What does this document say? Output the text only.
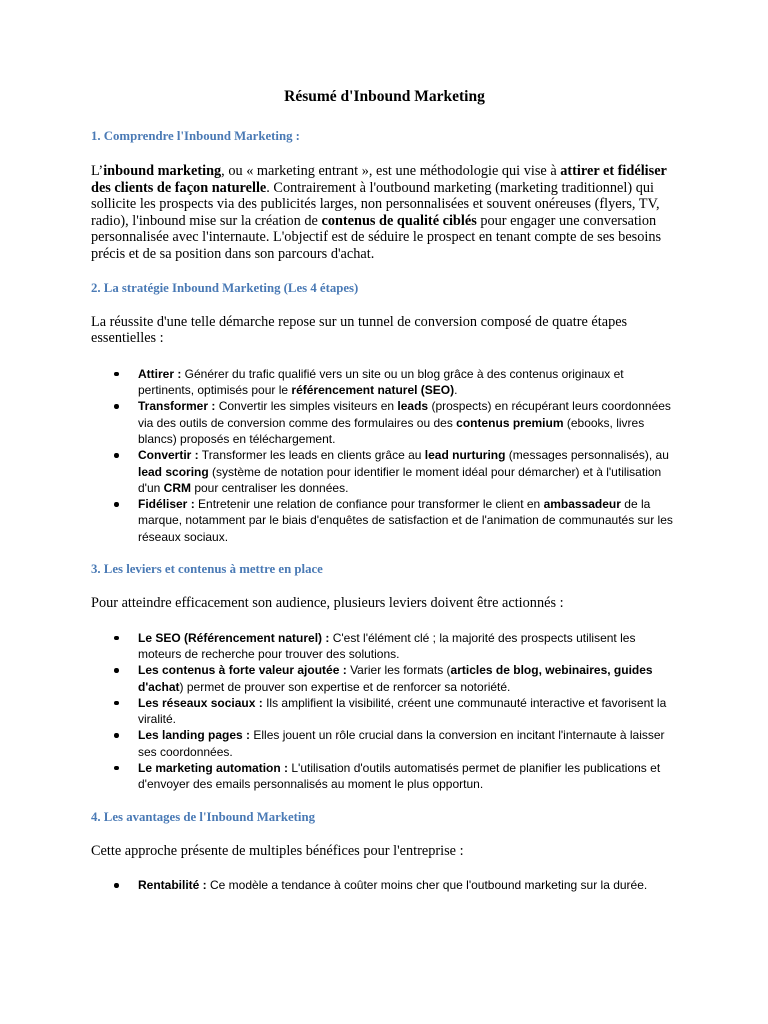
Résumé d'Inbound Marketing
1. Comprendre l'Inbound Marketing :

L’inbound marketing, ou « marketing entrant », est une méthodologie qui vise à attirer et fidéliser des clients de façon naturelle. Contrairement à l'outbound marketing (marketing traditionnel) qui sollicite les prospects via des publicités larges, non personnalisées et souvent onéreuses (flyers, TV, radio), l'inbound mise sur la création de contenus de qualité ciblés pour engager une conversation personnalisée avec l'internaute. L'objectif est de séduire le prospect en tenant compte de ses besoins précis et de sa position dans son parcours d'achat.

2. La stratégie Inbound Marketing (Les 4 étapes)

La réussite d'une telle démarche repose sur un tunnel de conversion composé de quatre étapes essentielles :

Attirer : Générer du trafic qualifié vers un site ou un blog grâce à des contenus originaux et pertinents, optimisés pour le référencement naturel (SEO).
Transformer : Convertir les simples visiteurs en leads (prospects) en récupérant leurs coordonnées via des outils de conversion comme des formulaires ou des contenus premium (ebooks, livres blancs) proposés en téléchargement.
Convertir : Transformer les leads en clients grâce au lead nurturing (messages personnalisés), au lead scoring (système de notation pour identifier le moment idéal pour démarcher) et à l'utilisation d'un CRM pour centraliser les données.
Fidéliser : Entretenir une relation de confiance pour transformer le client en ambassadeur de la marque, notamment par le biais d'enquêtes de satisfaction et de l'animation de communautés sur les réseaux sociaux.
3. Les leviers et contenus à mettre en place

Pour atteindre efficacement son audience, plusieurs leviers doivent être actionnés :

Le SEO (Référencement naturel) : C'est l'élément clé ; la majorité des prospects utilisent les moteurs de recherche pour trouver des solutions.
Les contenus à forte valeur ajoutée : Varier les formats (articles de blog, webinaires, guides d'achat) permet de prouver son expertise et de renforcer sa notoriété.
Les réseaux sociaux : Ils amplifient la visibilité, créent une communauté interactive et favorisent la viralité.
Les landing pages : Elles jouent un rôle crucial dans la conversion en incitant l'internaute à laisser ses coordonnées.
Le marketing automation : L'utilisation d'outils automatisés permet de planifier les publications et d'envoyer des emails personnalisés au moment le plus opportun.
4. Les avantages de l'Inbound Marketing

Cette approche présente de multiples bénéfices pour l'entreprise :

Rentabilité : Ce modèle a tendance à coûter moins cher que l'outbound marketing sur la durée.
